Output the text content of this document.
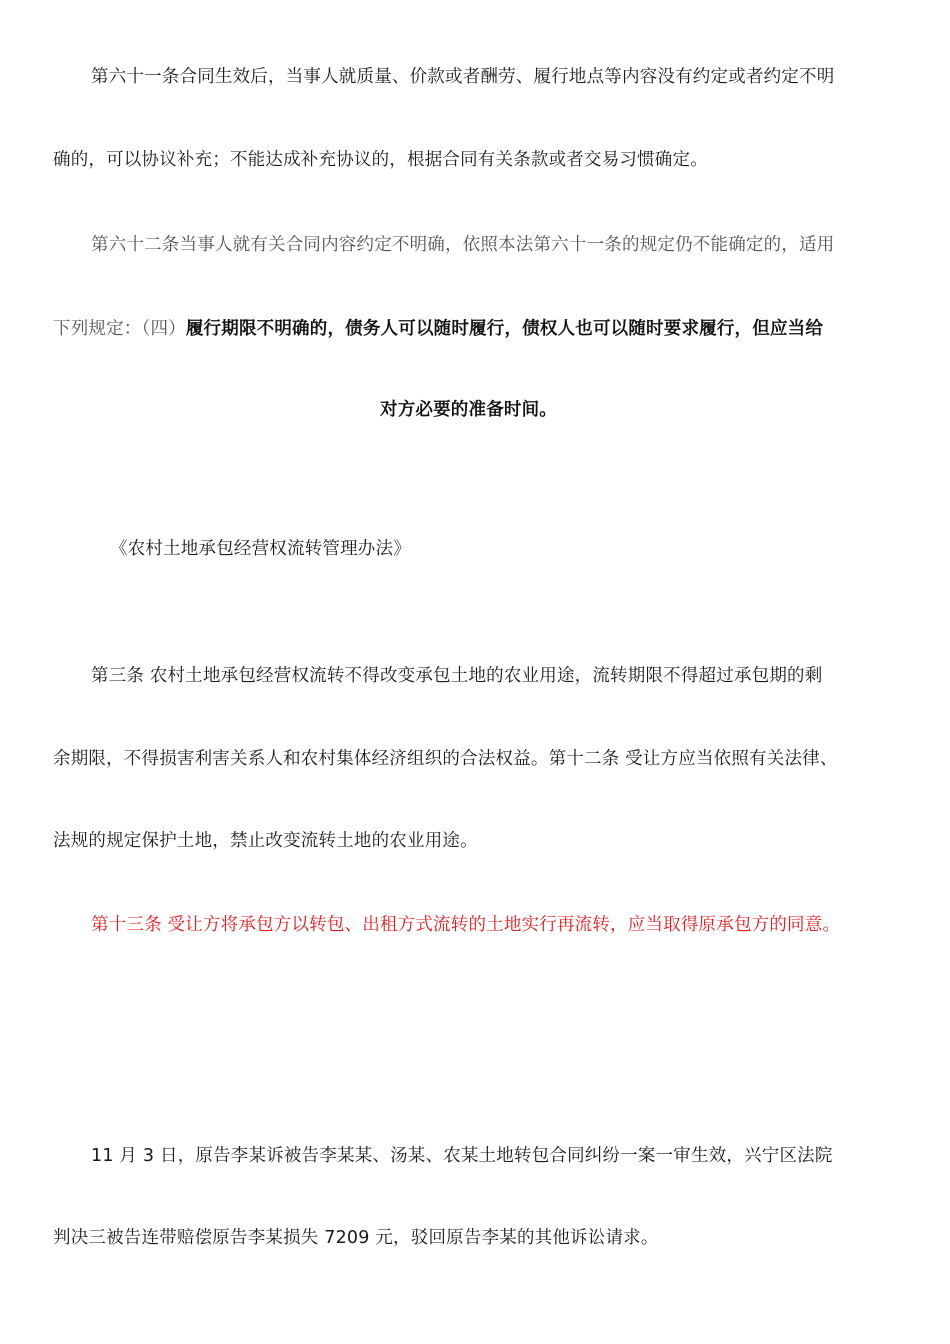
第六十一条合同生效后，当事人就质量、价款或者酬劳、履行地点等内容没有约定或者约定不明
确的，可以协议补充；不能达成补充协议的，根据合同有关条款或者交易习惯确定。
第六十二条当事人就有关合同内容约定不明确，依照本法第六十一条的规定仍不能确定的，适用
下列规定：（四）履行期限不明确的，债务人可以随时履行，债权人也可以随时要求履行，但应当给
对方必要的准备时间。
《农村土地承包经营权流转管理办法》
第三条 农村土地承包经营权流转不得改变承包土地的农业用途，流转期限不得超过承包期的剩
余期限，不得损害利害关系人和农村集体经济组织的合法权益。第十二条 受让方应当依照有关法律、
法规的规定保护土地，禁止改变流转土地的农业用途。
第十三条 受让方将承包方以转包、出租方式流转的土地实行再流转，应当取得原承包方的同意。
11 月 3 日，原告李某诉被告李某某、汤某、农某土地转包合同纠纷一案一审生效，兴宁区法院
判决三被告连带赔偿原告李某损失 7209 元，驳回原告李某的其他诉讼请求。
